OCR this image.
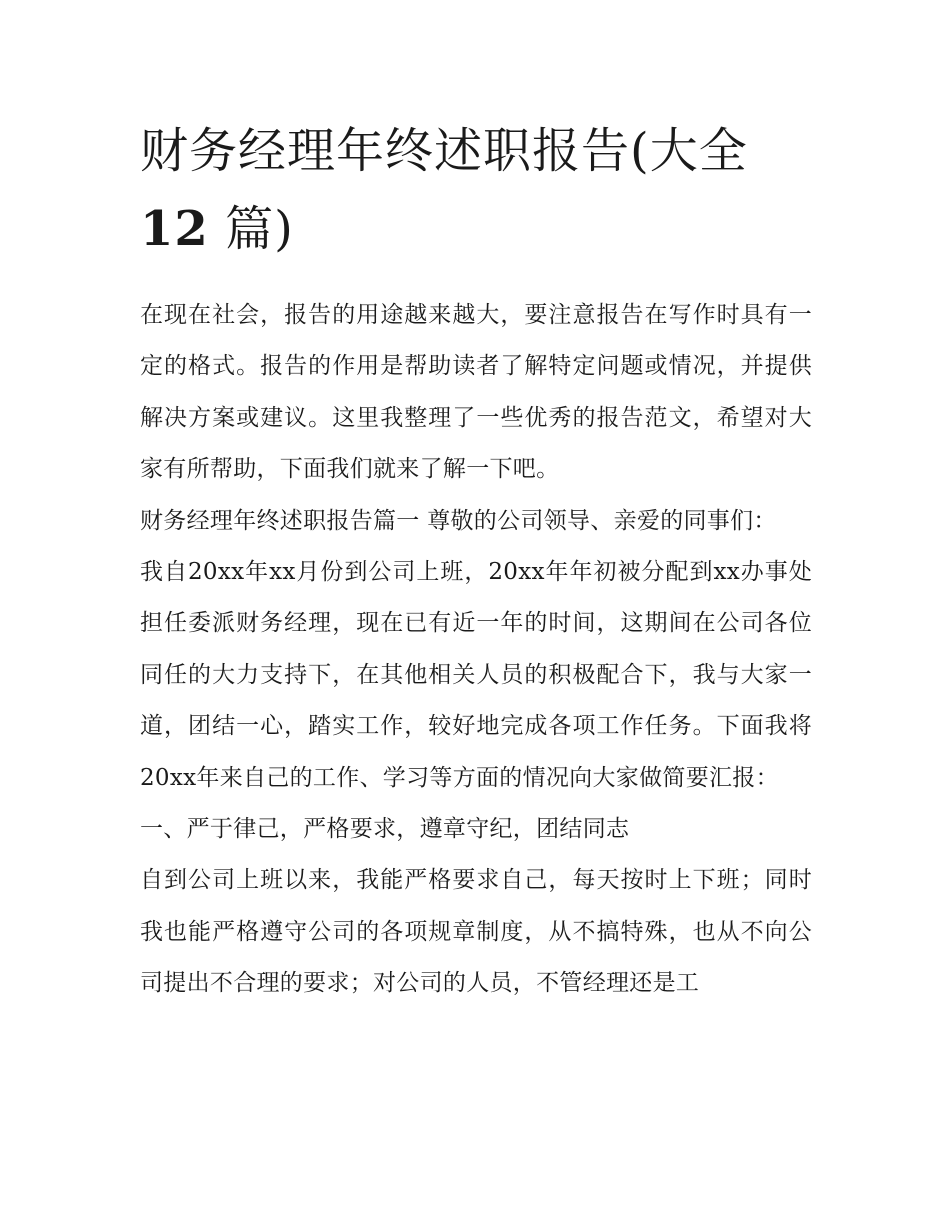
财务经理年终述职报告(大全
12 篇)

在现在社会，报告的用途越来越大，要注意报告在写作时具有一定的格式。报告的作用是帮助读者了解特定问题或情况，并提供解决方案或建议。这里我整理了一些优秀的报告范文，希望对大家有所帮助，下面我们就来了解一下吧。

财务经理年终述职报告篇一 尊敬的公司领导、亲爱的同事们：

我自20xx年xx月份到公司上班，20xx年年初被分配到xx办事处担任委派财务经理，现在已有近一年的时间，这期间在公司各位同任的大力支持下，在其他相关人员的积极配合下，我与大家一道，团结一心，踏实工作，较好地完成各项工作任务。下面我将20xx年来自己的工作、学习等方面的情况向大家做简要汇报：

一、严于律己，严格要求，遵章守纪，团结同志

自到公司上班以来，我能严格要求自己，每天按时上下班；同时我也能严格遵守公司的各项规章制度，从不搞特殊，也从不向公司提出不合理的要求；对公司的人员，不管经理还是工
